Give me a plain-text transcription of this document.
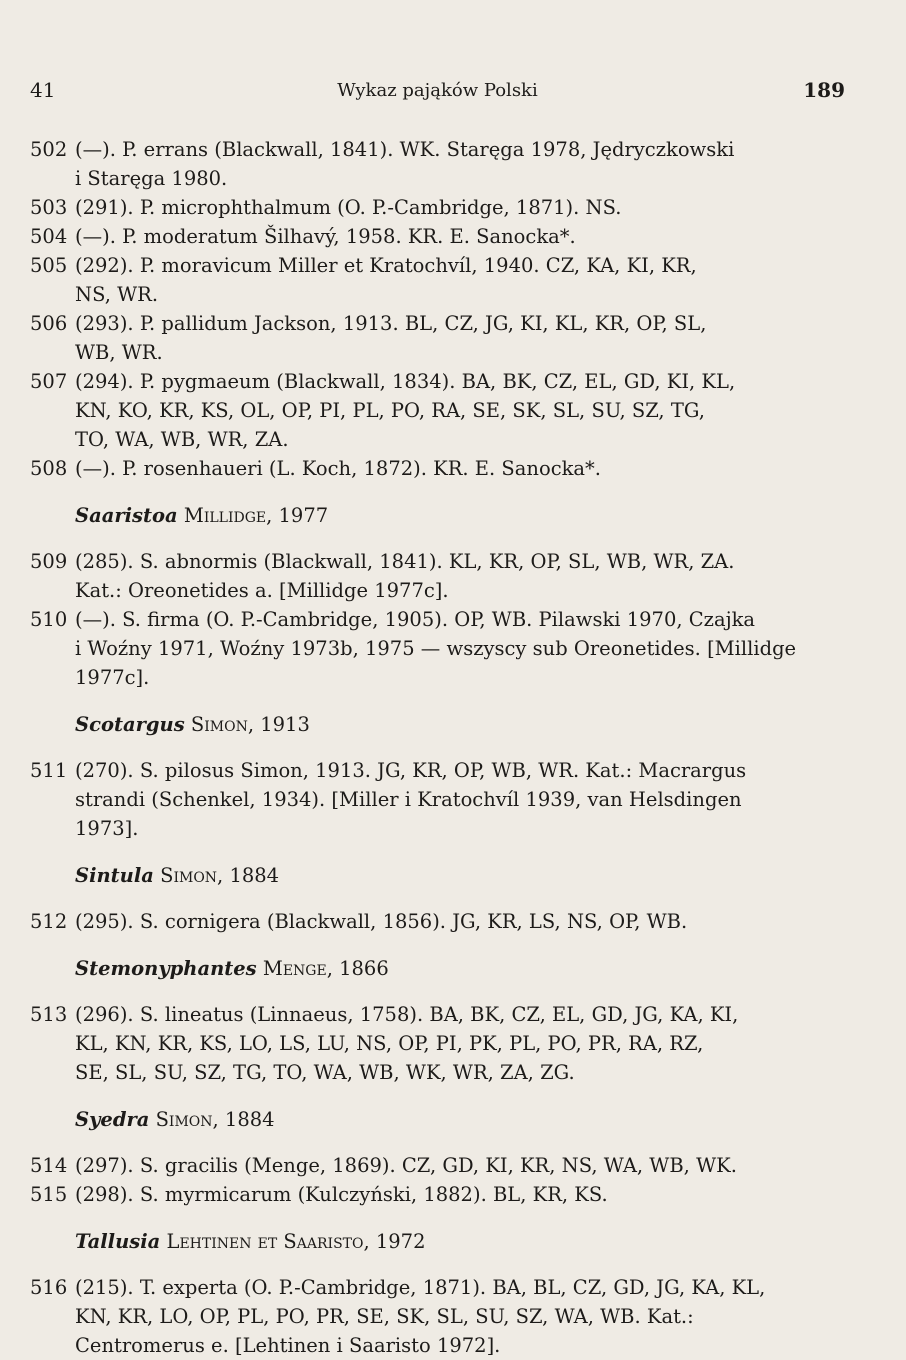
41	Wykaz pająków Polski	189
502 (—). P. errans (Blackwall, 1841). WK. Staręga 1978, Jędryczkowski
i Staręga 1980.
503 (291). P. microphthalmum (O. P.-Cambridge, 1871). NS.
504 (—). P. moderatum Šilhavý, 1958. KR. E. Sanocka*.
505 (292). P. moravicum Miller et Kratochvíl, 1940. CZ, KA, KI, KR,
NS, WR.
506 (293). P. pallidum Jackson, 1913. BL, CZ, JG, KI, KL, KR, OP, SL,
WB, WR.
507 (294). P. pygmaeum (Blackwall, 1834). BA, BK, CZ, EL, GD, KI, KL,
KN, KO, KR, KS, OL, OP, PI, PL, PO, RA, SE, SK, SL, SU, SZ, TG,
TO, WA, WB, WR, ZA.
508 (—). P. rosenhaueri (L. Koch, 1872). KR. E. Sanocka*.
Saaristoa Millidge, 1977
509 (285). S. abnormis (Blackwall, 1841). KL, KR, OP, SL, WB, WR, ZA.
Kat.: Oreonetides a. [Millidge 1977c].
510 (—). S. firma (O. P.-Cambridge, 1905). OP, WB. Pilawski 1970, Czajka
i Woźny 1971, Woźny 1973b, 1975 — wszyscy sub Oreonetides. [Millidge
1977c].
Scotargus Simon, 1913
511 (270). S. pilosus Simon, 1913. JG, KR, OP, WB, WR. Kat.: Macrargus
strandi (Schenkel, 1934). [Miller i Kratochvíl 1939, van Helsdingen
1973].
Sintula Simon, 1884
512 (295). S. cornigera (Blackwall, 1856). JG, KR, LS, NS, OP, WB.
Stemonyphantes Menge, 1866
513 (296). S. lineatus (Linnaeus, 1758). BA, BK, CZ, EL, GD, JG, KA, KI,
KL, KN, KR, KS, LO, LS, LU, NS, OP, PI, PK, PL, PO, PR, RA, RZ,
SE, SL, SU, SZ, TG, TO, WA, WB, WK, WR, ZA, ZG.
Syedra Simon, 1884
514 (297). S. gracilis (Menge, 1869). CZ, GD, KI, KR, NS, WA, WB, WK.
515 (298). S. myrmicarum (Kulczyński, 1882). BL, KR, KS.
Tallusia Lehtinen et Saaristo, 1972
516 (215). T. experta (O. P.-Cambridge, 1871). BA, BL, CZ, GD, JG, KA, KL,
KN, KR, LO, OP, PL, PO, PR, SE, SK, SL, SU, SZ, WA, WB. Kat.:
Centromerus e. [Lehtinen i Saaristo 1972].
